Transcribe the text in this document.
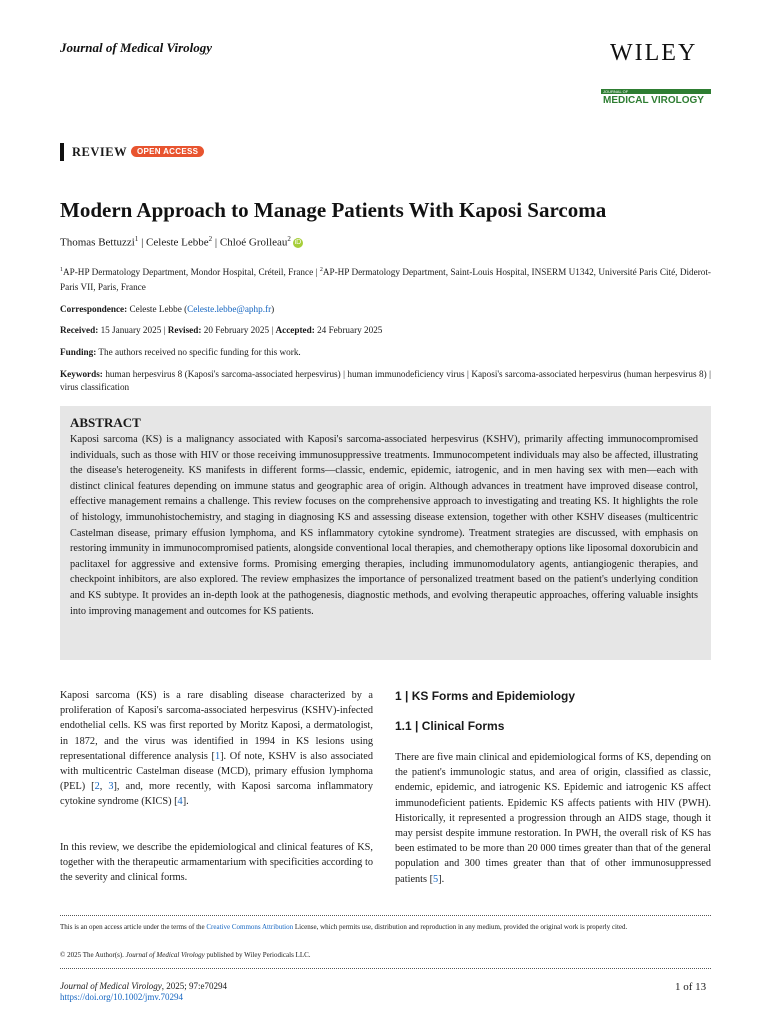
Journal of Medical Virology	WILEY
JOURNAL OF
MEDICAL VIROLOGY
REVIEW	OPEN ACCESS
Modern Approach to Manage Patients With Kaposi Sarcoma
Thomas Bettuzzi$^1$ | Celeste Lebbe$^2$ | Chloé Grolleau$^2$ iD
$^1$AP-HP Dermatology Department, Mondor Hospital, Créteil, France | $^2$AP-HP Dermatology Department, Saint-Louis Hospital, INSERM U1342, Université Paris Cité, Diderot-Paris VII, Paris, France
Correspondence: Celeste Lebbe (Celeste.lebbe@aphp.fr)
Received: 15 January 2025 | Revised: 20 February 2025 | Accepted: 24 February 2025
Funding: The authors received no specific funding for this work.
Keywords: human herpesvirus 8 (Kaposi's sarcoma-associated herpesvirus) | human immunodeficiency virus | Kaposi's sarcoma-associated herpesvirus (human herpesvirus 8) | virus classification
ABSTRACT
Kaposi sarcoma (KS) is a malignancy associated with Kaposi's sarcoma-associated herpesvirus (KSHV), primarily affecting immunocompromised individuals, such as those with HIV or those receiving immunosuppressive treatments. Immunocompetent individuals may also be affected, illustrating the disease's heterogeneity. KS manifests in different forms—classic, endemic, epidemic, iatrogenic, and in men having sex with men—each with distinct clinical features depending on immune status and geographic area of origin. Although advances in treatment have improved disease control, effective management remains a challenge. This review focuses on the comprehensive approach to investigating and treating KS. It highlights the role of histology, immunohistochemistry, and staging in diagnosing KS and assessing disease extension, together with other KSHV diseases (multicentric Castelman disease, primary effusion lymphoma, and KS inflammatory cytokine syndrome). Treatment strategies are discussed, with emphasis on restoring immunity in immunocompromised patients, alongside conventional local therapies, and chemotherapy options like liposomal doxorubicin and paclitaxel for aggressive and extensive forms. Promising emerging therapies, including immunomodulatory agents, antiangiogenic therapies, and checkpoint inhibitors, are also explored. The review emphasizes the importance of personalized treatment based on the patient's underlying condition and KS subtype. It provides an in-depth look at the pathogenesis, diagnostic methods, and evolving therapeutic approaches, offering valuable insights into improving management and outcomes for KS patients.
Kaposi sarcoma (KS) is a rare disabling disease characterized by a proliferation of Kaposi's sarcoma-associated herpesvirus (KSHV)-infected endothelial cells. KS was first reported by Moritz Kaposi, a dermatologist, in 1872, and the virus was identified in 1994 in KS lesions using representational difference analysis [1]. Of note, KSHV is also associated with multicentric Castelman disease (MCD), primary effusion lymphoma (PEL) [2, 3], and, more recently, with Kaposi sarcoma inflammatory cytokine syndrome (KICS) [4].
In this review, we describe the epidemiological and clinical features of KS, together with the therapeutic armamentarium with specificities according to the severity and clinical forms.
1 | KS Forms and Epidemiology
1.1 | Clinical Forms
There are five main clinical and epidemiological forms of KS, depending on the patient's immunologic status, and area of origin, classified as classic, endemic, epidemic, and iatrogenic KS. Epidemic and iatrogenic KS affect immunodeficient patients. Epidemic KS affects patients with HIV (PWH). Historically, it represented a progression through an AIDS stage, though it may persist despite immune restoration. In PWH, the overall risk of KS has been estimated to be more than 20 000 times greater than that of the general population and 300 times greater than that of other immunosuppressed patients [5].
This is an open access article under the terms of the Creative Commons Attribution License, which permits use, distribution and reproduction in any medium, provided the original work is properly cited.
© 2025 The Author(s). Journal of Medical Virology published by Wiley Periodicals LLC.
Journal of Medical Virology, 2025; 97:e70294
https://doi.org/10.1002/jmv.70294
1 of 13
